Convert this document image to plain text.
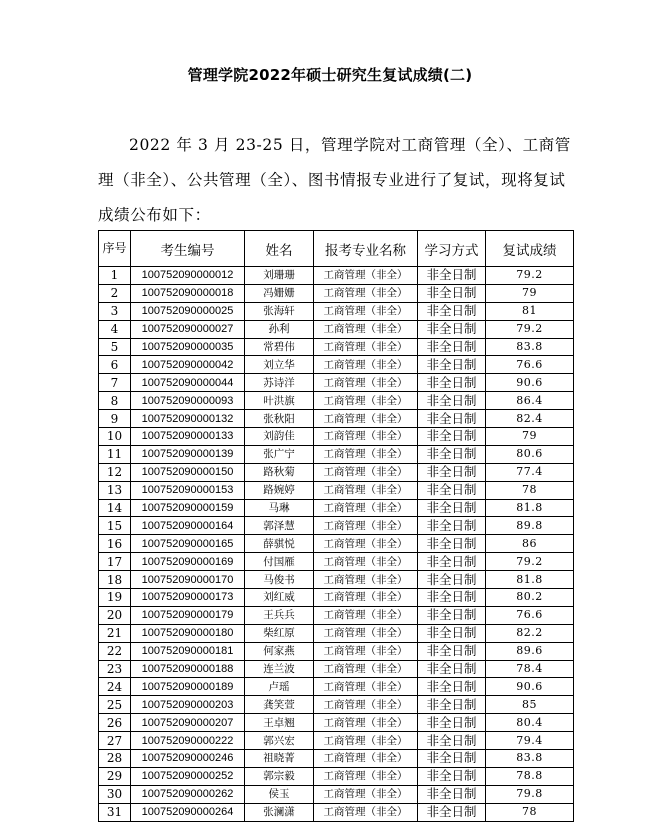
管理学院2022年硕士研究生复试成绩(二)

2022 年 3 月 23-25 日，管理学院对工商管理（全）、工商管理（非全）、公共管理（全）、图书情报专业进行了复试，现将复试成绩公布如下：

序号	考生编号	姓名	报考专业名称	学习方式	复试成绩
1	100752090000012	刘珊珊	工商管理（非全）	非全日制	79.2
2	100752090000018	冯姗姗	工商管理（非全）	非全日制	79
3	100752090000025	张海轩	工商管理（非全）	非全日制	81
4	100752090000027	孙利	工商管理（非全）	非全日制	79.2
5	100752090000035	常碧伟	工商管理（非全）	非全日制	83.8
6	100752090000042	刘立华	工商管理（非全）	非全日制	76.6
7	100752090000044	苏诗洋	工商管理（非全）	非全日制	90.6
8	100752090000093	叶洪旗	工商管理（非全）	非全日制	86.4
9	100752090000132	张秋阳	工商管理（非全）	非全日制	82.4
10	100752090000133	刘韵佳	工商管理（非全）	非全日制	79
11	100752090000139	张广宁	工商管理（非全）	非全日制	80.6
12	100752090000150	路秋菊	工商管理（非全）	非全日制	77.4
13	100752090000153	路婉婷	工商管理（非全）	非全日制	78
14	100752090000159	马琳	工商管理（非全）	非全日制	81.8
15	100752090000164	郭泽慧	工商管理（非全）	非全日制	89.8
16	100752090000165	薛骐悦	工商管理（非全）	非全日制	86
17	100752090000169	付国雁	工商管理（非全）	非全日制	79.2
18	100752090000170	马俊书	工商管理（非全）	非全日制	81.8
19	100752090000173	刘红威	工商管理（非全）	非全日制	80.2
20	100752090000179	王兵兵	工商管理（非全）	非全日制	76.6
21	100752090000180	柴红原	工商管理（非全）	非全日制	82.2
22	100752090000181	何家燕	工商管理（非全）	非全日制	89.6
23	100752090000188	连兰波	工商管理（非全）	非全日制	78.4
24	100752090000189	卢瑶	工商管理（非全）	非全日制	90.6
25	100752090000203	龚笑萱	工商管理（非全）	非全日制	85
26	100752090000207	王卓翘	工商管理（非全）	非全日制	80.4
27	100752090000222	郭兴宏	工商管理（非全）	非全日制	79.4
28	100752090000246	祖晓菁	工商管理（非全）	非全日制	83.8
29	100752090000252	郭宗毅	工商管理（非全）	非全日制	78.8
30	100752090000262	侯玉	工商管理（非全）	非全日制	79.8
31	100752090000264	张澜潇	工商管理（非全）	非全日制	78
